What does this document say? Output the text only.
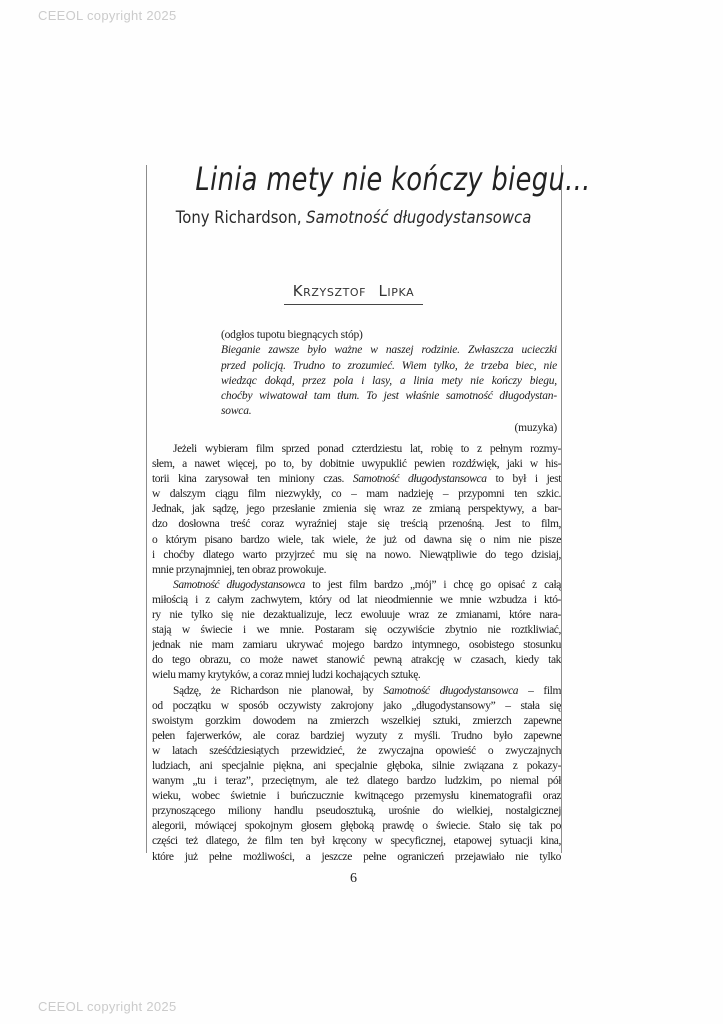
CEEOL copyright 2025
Linia mety nie kończy biegu...
Tony Richardson, Samotność długodystansowca
Krzysztof Lipka
(odgłos tupotu biegnących stóp)
Bieganie zawsze było ważne w naszej rodzinie. Zwłaszcza ucieczki
przed policją. Trudno to zrozumieć. Wiem tylko, że trzeba biec, nie
wiedząc dokąd, przez pola i lasy, a linia mety nie kończy biegu,
choćby wiwatował tam tłum. To jest właśnie samotność długodystan-
sowca.
(muzyka)
Jeżeli wybieram film sprzed ponad czterdziestu lat, robię to z pełnym rozmy-
słem, a nawet więcej, po to, by dobitnie uwypuklić pewien rozdźwięk, jaki w his-
torii kina zarysował ten miniony czas. Samotność długodystansowca to był i jest
w dalszym ciągu film niezwykły, co – mam nadzieję – przypomni ten szkic.
Jednak, jak sądzę, jego przesłanie zmienia się wraz ze zmianą perspektywy, a bar-
dzo dosłowna treść coraz wyraźniej staje się treścią przenośną. Jest to film,
o którym pisano bardzo wiele, tak wiele, że już od dawna się o nim nie pisze
i choćby dlatego warto przyjrzeć mu się na nowo. Niewątpliwie do tego dzisiaj,
mnie przynajmniej, ten obraz prowokuje.
Samotność długodystansowca to jest film bardzo „mój” i chcę go opisać z całą
miłością i z całym zachwytem, który od lat nieodmiennie we mnie wzbudza i któ-
ry nie tylko się nie dezaktualizuje, lecz ewoluuje wraz ze zmianami, które nara-
stają w świecie i we mnie. Postaram się oczywiście zbytnio nie roztkliwiać,
jednak nie mam zamiaru ukrywać mojego bardzo intymnego, osobistego stosunku
do tego obrazu, co może nawet stanowić pewną atrakcję w czasach, kiedy tak
wielu mamy krytyków, a coraz mniej ludzi kochających sztukę.
Sądzę, że Richardson nie planował, by Samotność długodystansowca – film
od początku w sposób oczywisty zakrojony jako „długodystansowy” – stała się
swoistym gorzkim dowodem na zmierzch wszelkiej sztuki, zmierzch zapewne
pełen fajerwerków, ale coraz bardziej wyzuty z myśli. Trudno było zapewne
w latach sześćdziesiątych przewidzieć, że zwyczajna opowieść o zwyczajnych
ludziach, ani specjalnie piękna, ani specjalnie głęboka, silnie związana z pokazy-
wanym „tu i teraz”, przeciętnym, ale też dlatego bardzo ludzkim, po niemal pół
wieku, wobec świetnie i buńczucznie kwitnącego przemysłu kinematografii oraz
przynoszącego miliony handlu pseudosztuką, urośnie do wielkiej, nostalgicznej
alegorii, mówiącej spokojnym głosem głęboką prawdę o świecie. Stało się tak po
części też dlatego, że film ten był kręcony w specyficznej, etapowej sytuacji kina,
które już pełne możliwości, a jeszcze pełne ograniczeń przejawiało nie tylko
6
CEEOL copyright 2025
